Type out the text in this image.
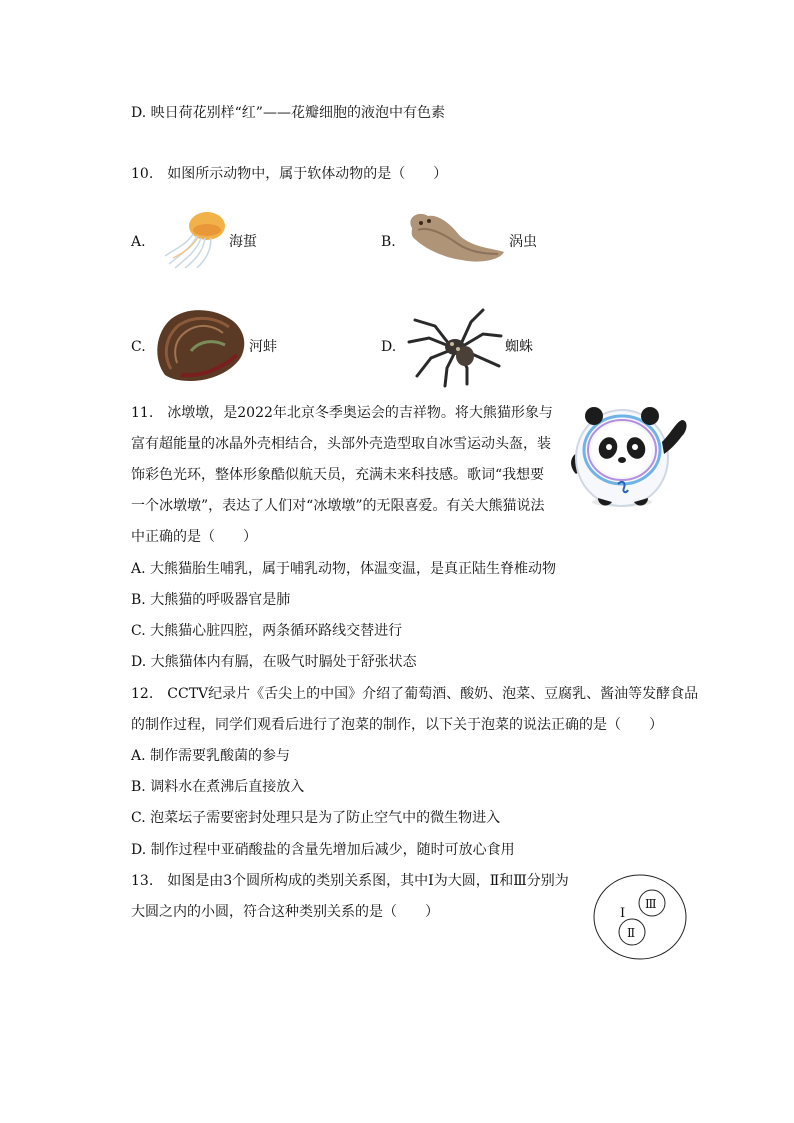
D. 映日荷花别样“红”——花瓣细胞的液泡中有色素
10.　如图所示动物中，属于软体动物的是（　　）
A.	海蜇	B.	涡虫
C.	河蚌	D.	蜘蛛
11.　冰墩墩，是2022年北京冬季奥运会的吉祥物。将大熊猫形象与
富有超能量的冰晶外壳相结合，头部外壳造型取自冰雪运动头盔，装
饰彩色光环，整体形象酷似航天员，充满未来科技感。歌词“我想要
一个冰墩墩”，表达了人们对“冰墩墩”的无限喜爱。有关大熊猫说法
中正确的是（　　）
A. 大熊猫胎生哺乳，属于哺乳动物，体温变温，是真正陆生脊椎动物
B. 大熊猫的呼吸器官是肺
C. 大熊猫心脏四腔，两条循环路线交替进行
D. 大熊猫体内有膈，在吸气时膈处于舒张状态
12.　CCTV纪录片《舌尖上的中国》介绍了葡萄酒、酸奶、泡菜、豆腐乳、酱油等发酵食品
的制作过程，同学们观看后进行了泡菜的制作，以下关于泡菜的说法正确的是（　　）
A. 制作需要乳酸菌的参与
B. 调料水在煮沸后直接放入
C. 泡菜坛子需要密封处理只是为了防止空气中的微生物进入
D. 制作过程中亚硝酸盐的含量先增加后减少，随时可放心食用
13.　如图是由3个圆所构成的类别关系图，其中Ⅰ为大圆，Ⅱ和Ⅲ分别为
大圆之内的小圆，符合这种类别关系的是（　　）	Ⅰ
Ⅲ
Ⅱ
